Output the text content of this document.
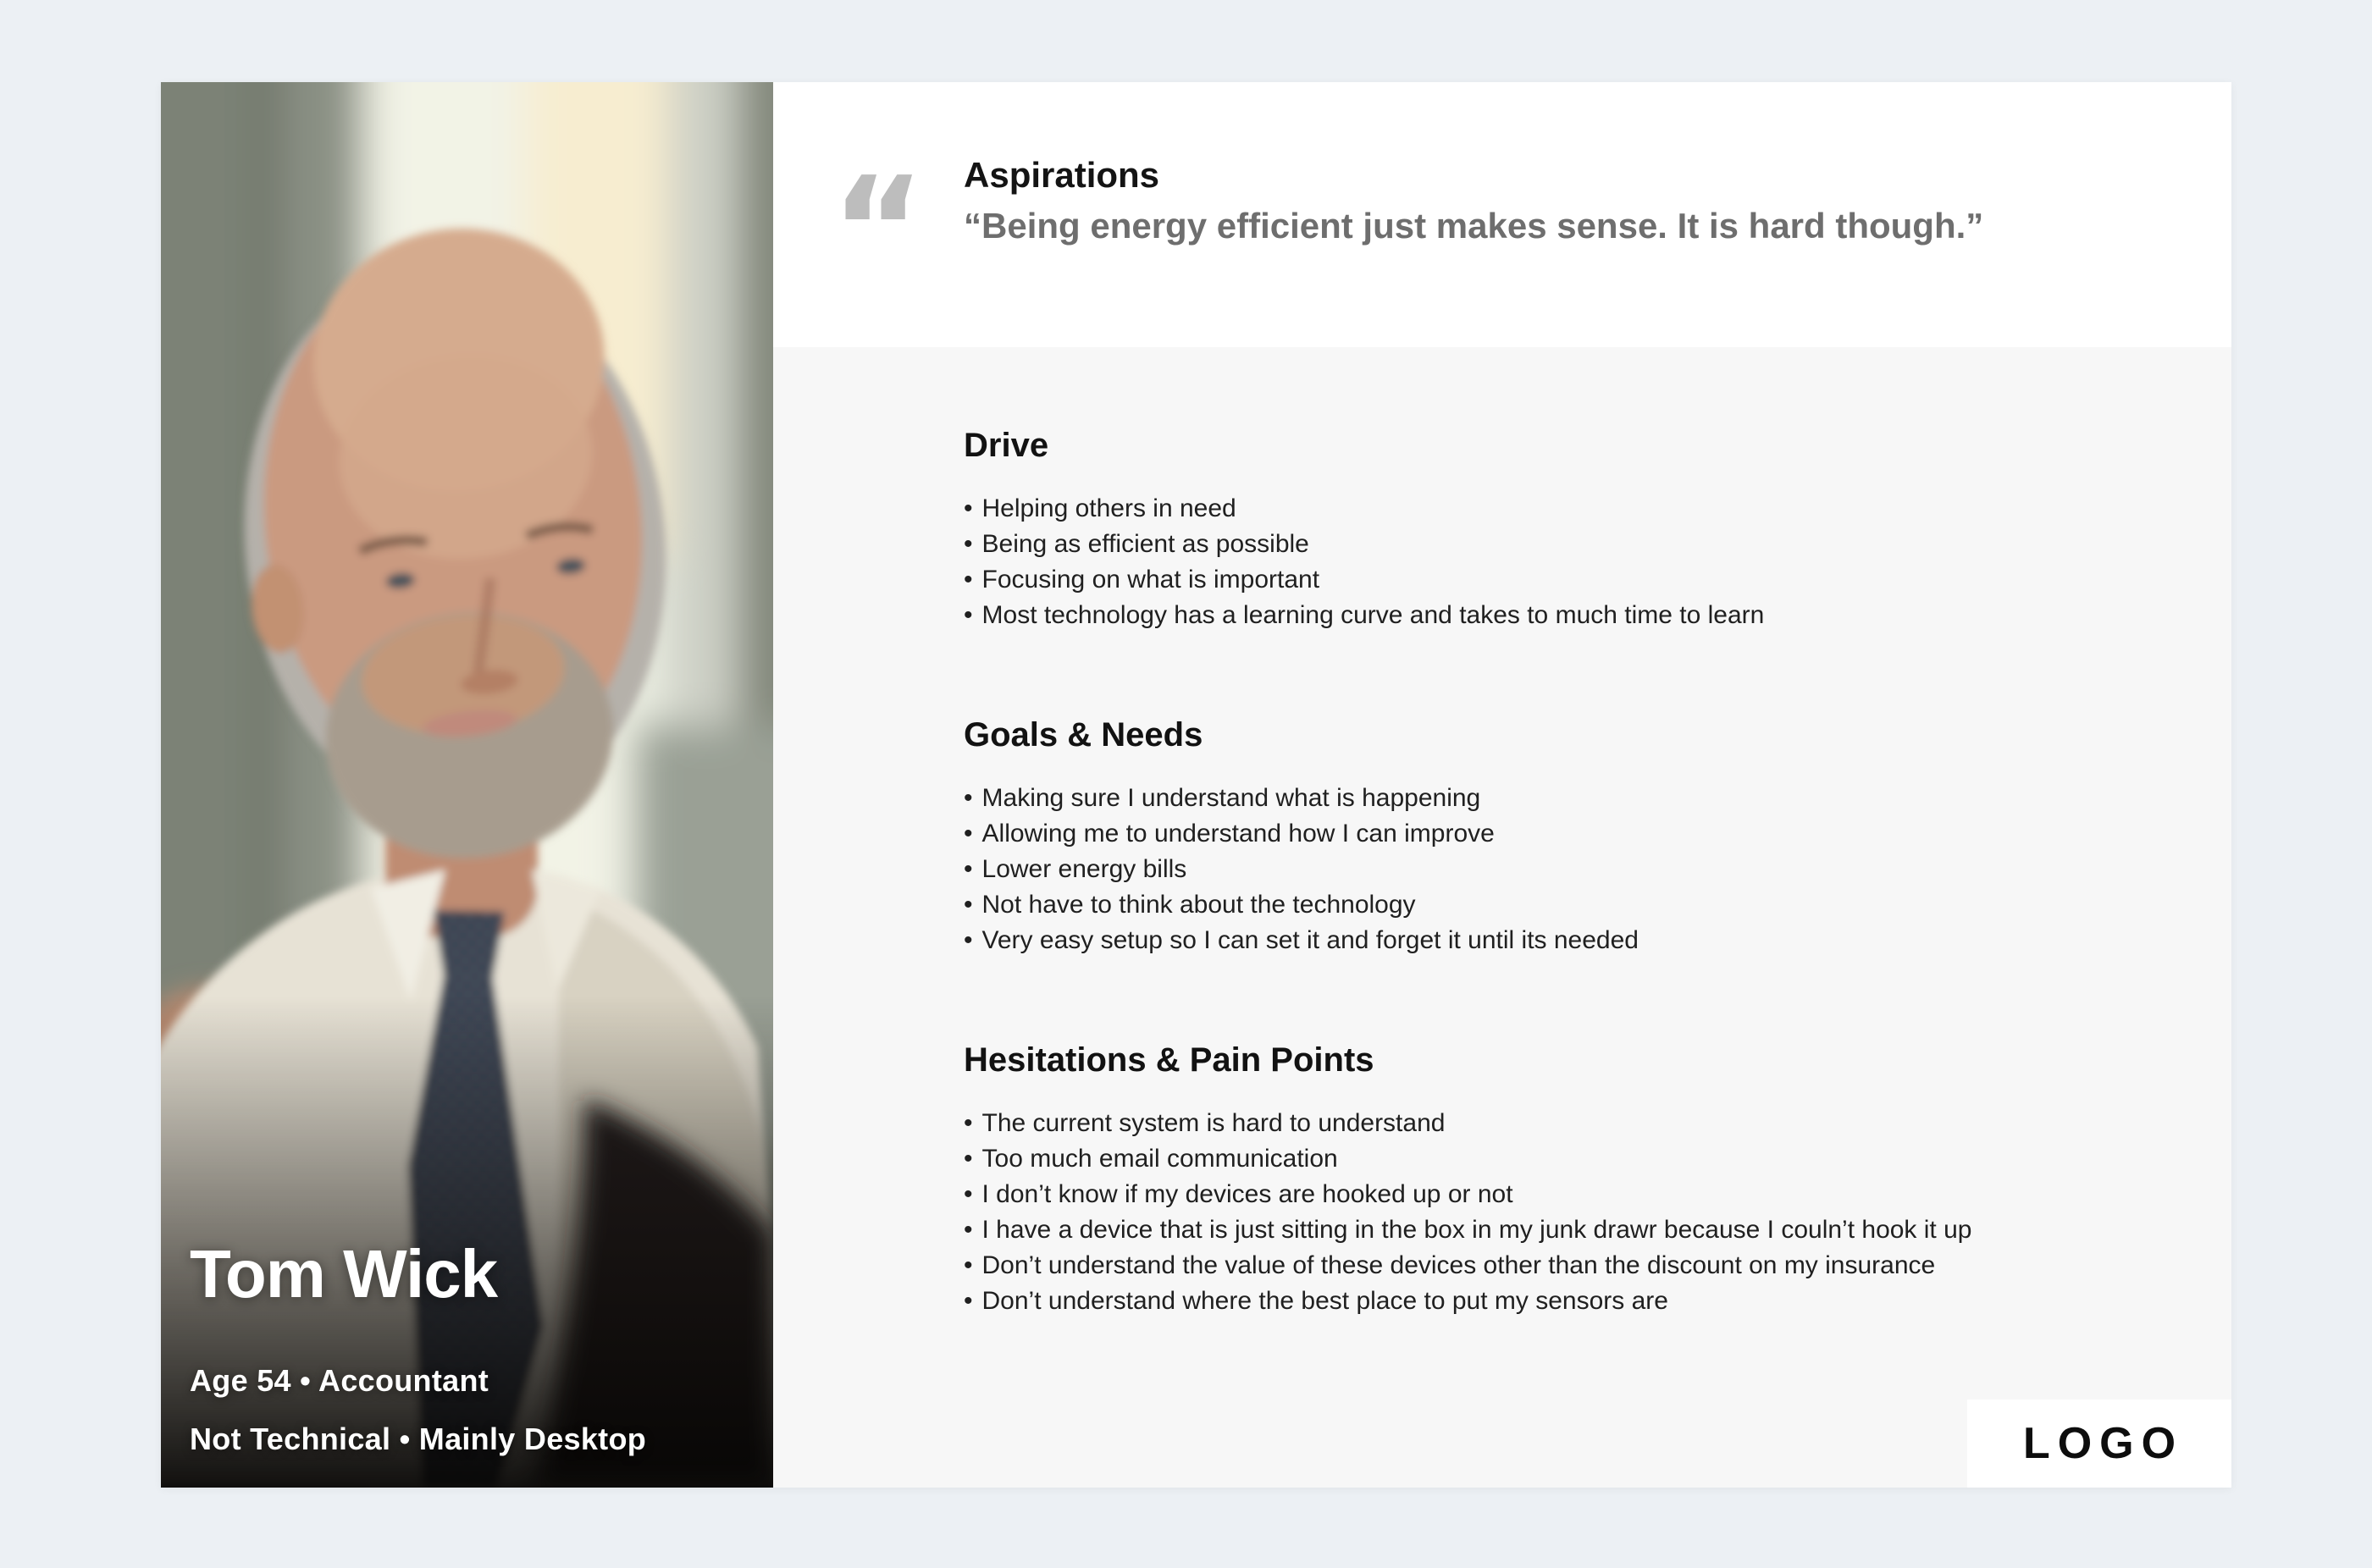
Tom Wick
Age 54 • Accountant
Not Technical • Mainly Desktop
“ Aspirations
“Being energy efficient just makes sense. It is hard though.”
Drive
• Helping others in need
• Being as efficient as possible
• Focusing on what is important
• Most technology has a learning curve and takes to much time to learn
Goals & Needs
• Making sure I understand what is happening
• Allowing me to understand how I can improve
• Lower energy bills
• Not have to think about the technology
• Very easy setup so I can set it and forget it until its needed
Hesitations & Pain Points
• The current system is hard to understand
• Too much email communication
• I don’t know if my devices are hooked up or not
• I have a device that is just sitting in the box in my junk drawr because I couln’t hook it up
• Don’t understand the value of these devices other than the discount on my insurance
• Don’t understand where the best place to put my sensors are
LOGO
